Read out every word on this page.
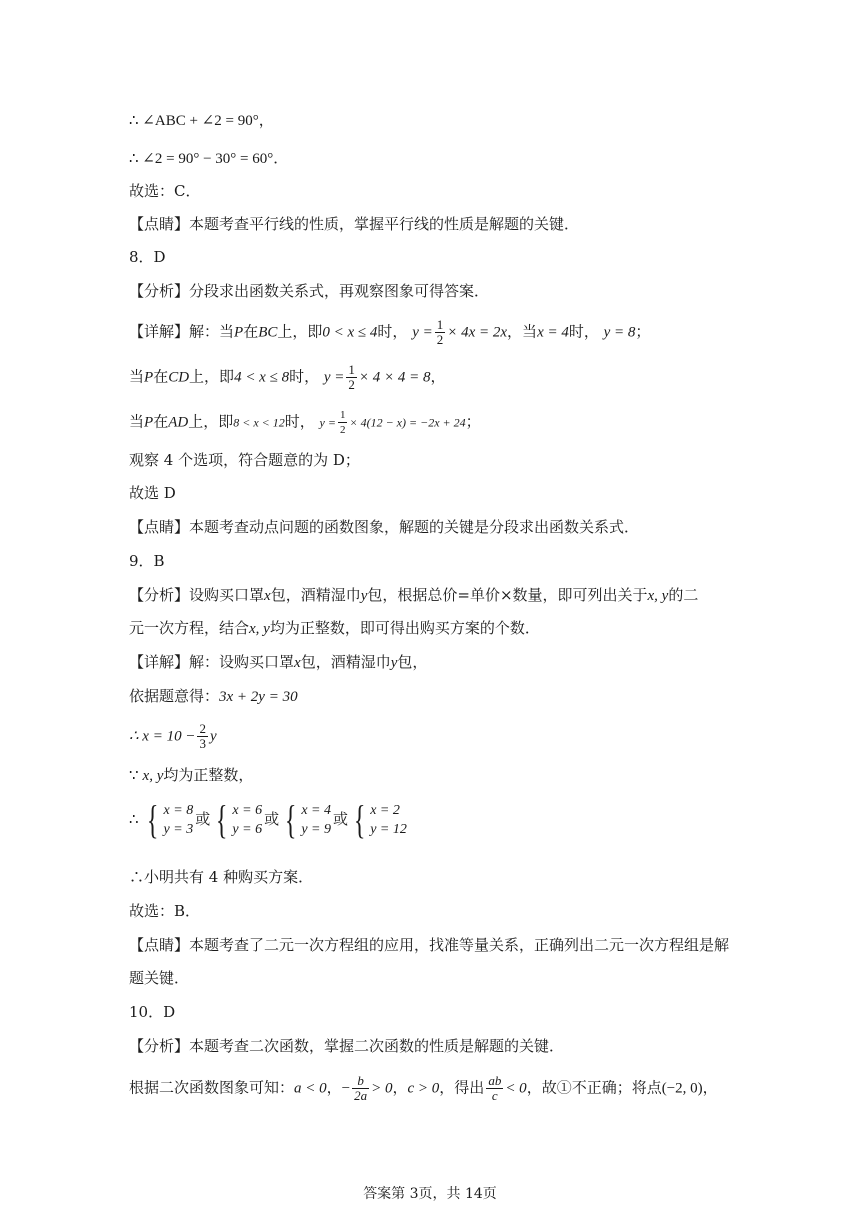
∴ ∠ABC + ∠2 = 90°，
∴ ∠2 = 90° − 30° = 60°．
故选：C．
【点睛】本题考查平行线的性质，掌握平行线的性质是解题的关键．
8．D
【分析】分段求出函数关系式，再观察图象可得答案．
【详解】解：当P在BC上，即0 < x ≤ 4时， $y = \frac{1}{2} \times 4x = 2x$，当x = 4时， y = 8；
当P在CD上，即4 < x ≤ 8时， $y = \frac{1}{2} \times 4 \times 4 = 8$，
当P在AD上，即8 < x < 12时， $y = \frac{1}{2} \times 4(12 - x) = -2x + 24$；
观察 4 个选项，符合题意的为 D；
故选 D
【点睛】本题考查动点问题的函数图象，解题的关键是分段求出函数关系式．
9．B
【分析】设购买口罩x包，酒精湿巾y包，根据总价=单价×数量，即可列出关于x, y的二
元一次方程，结合x, y均为正整数，即可得出购买方案的个数．
【详解】解：设购买口罩x包，酒精湿巾y包，
依据题意得：3x + 2y = 30
∴ $x = 10 - \frac{2}{3}$ y
∵ x, y均为正整数，
∴ { x = 8
y = 3
或 { x = 6
y = 6
或 { x = 4
y = 9
或 { x = 2
y = 12
∴小明共有 4 种购买方案．
故选：B．
【点睛】本题考查了二元一次方程组的应用，找准等量关系，正确列出二元一次方程组是解
题关键．
10．D
【分析】本题考查二次函数，掌握二次函数的性质是解题的关键．
根据二次函数图象可知：a < 0，− $\frac{b}{2a} > 0$，c > 0，得出 $\frac{ab}{c} < 0$，故①不正确；将点(−2, 0)，
答案第 3页，共 14页
